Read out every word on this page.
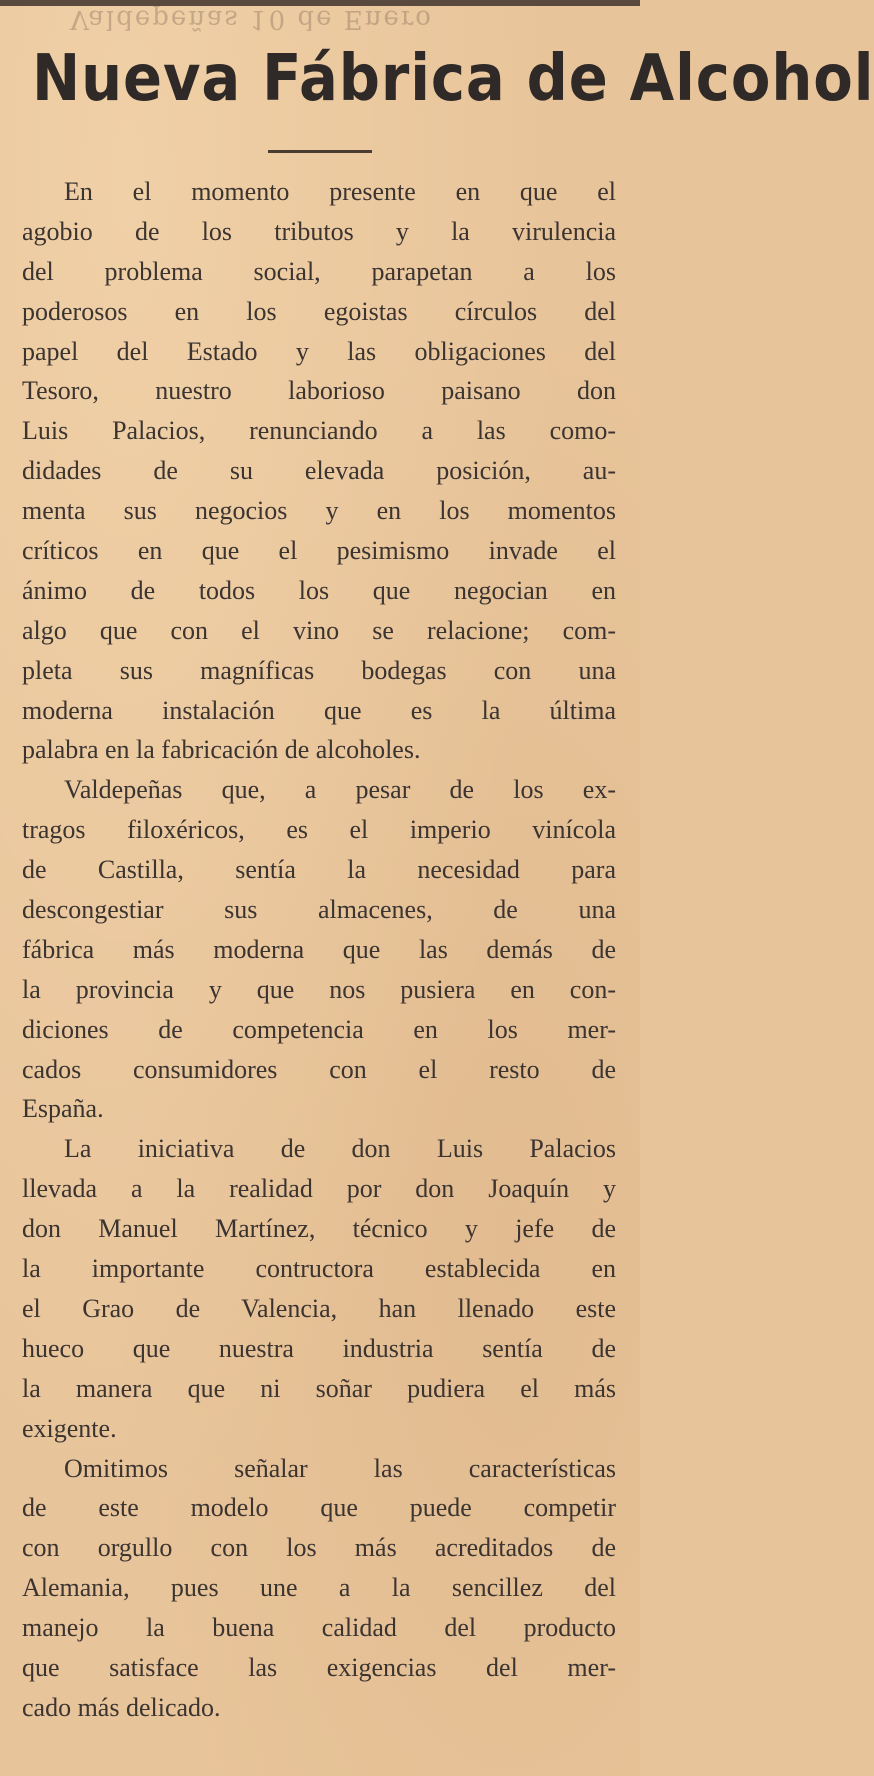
Valdepeñas 10 de Enero
Nueva Fábrica de Alcohol
En el momento presente en que el
agobio de los tributos y la virulencia
del problema social, parapetan a los
poderosos en los egoistas círculos del
papel del Estado y las obligaciones del
Tesoro, nuestro laborioso paisano don
Luis Palacios, renunciando a las como-
didades de su elevada posición, au-
menta sus negocios y en los momentos
críticos en que el pesimismo invade el
ánimo de todos los que negocian en
algo que con el vino se relacione; com-
pleta sus magníficas bodegas con una
moderna instalación que es la última
palabra en la fabricación de alcoholes.
Valdepeñas que, a pesar de los ex-
tragos filoxéricos, es el imperio vinícola
de Castilla, sentía la necesidad para
descongestiar sus almacenes, de una
fábrica más moderna que las demás de
la provincia y que nos pusiera en con-
diciones de competencia en los mer-
cados consumidores con el resto de
España.
La iniciativa de don Luis Palacios
llevada a la realidad por don Joaquín y
don Manuel Martínez, técnico y jefe de
la importante contructora establecida en
el Grao de Valencia, han llenado este
hueco que nuestra industria sentía de
la manera que ni soñar pudiera el más
exigente.
Omitimos señalar las características
de este modelo que puede competir
con orgullo con los más acreditados de
Alemania, pues une a la sencillez del
manejo la buena calidad del producto
que satisface las exigencias del mer-
cado más delicado.
